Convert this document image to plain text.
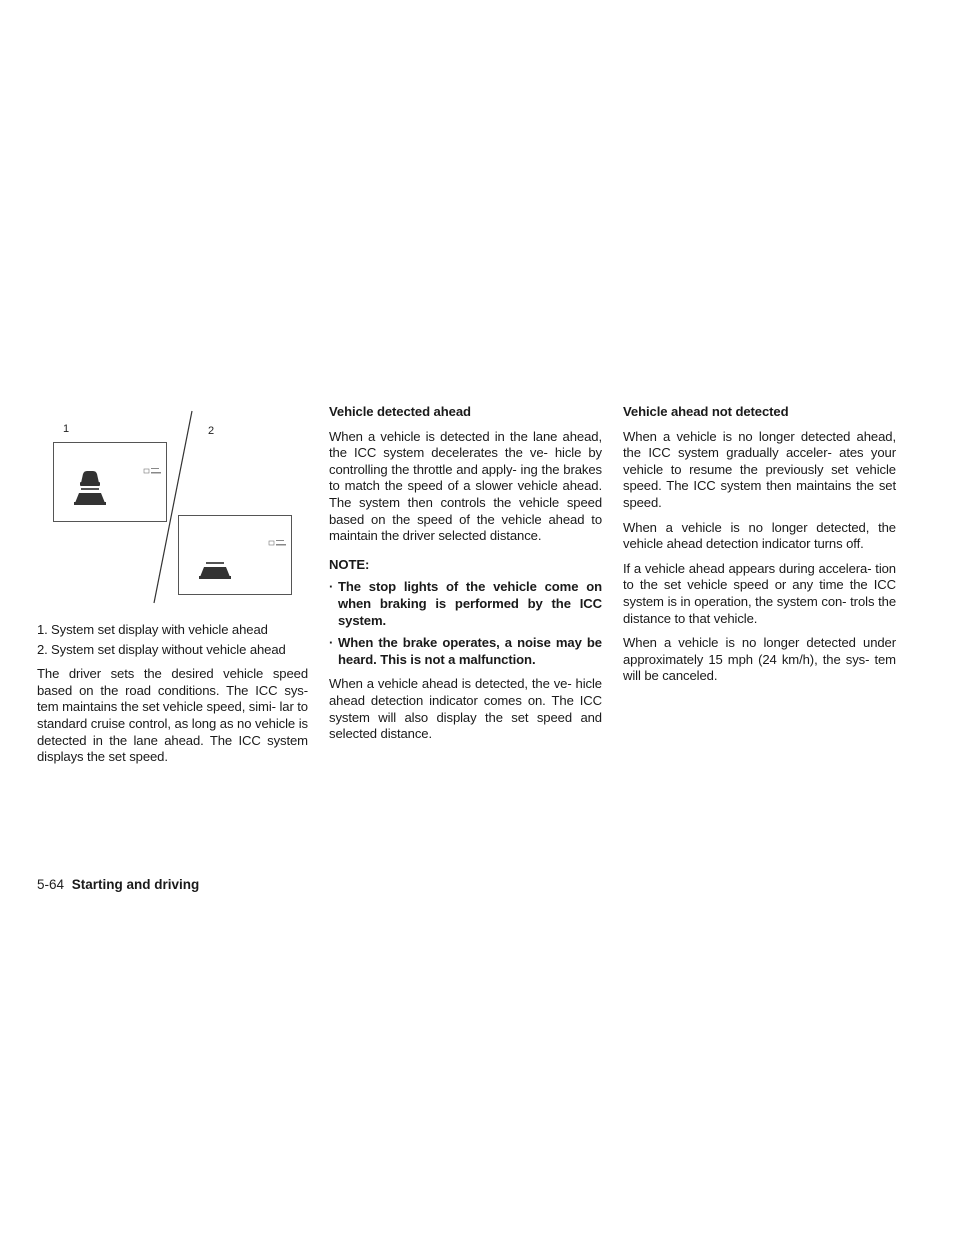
1	2
1. System set display with vehicle ahead
2. System set display without vehicle ahead

The driver sets the desired vehicle speed based on the road conditions. The ICC sys- tem maintains the set vehicle speed, simi- lar to standard cruise control, as long as no vehicle is detected in the lane ahead. The ICC system displays the set speed.

Vehicle detected ahead

When a vehicle is detected in the lane ahead, the ICC system decelerates the ve- hicle by controlling the throttle and apply- ing the brakes to match the speed of a slower vehicle ahead. The system then controls the vehicle speed based on the speed of the vehicle ahead to maintain the driver selected distance.

NOTE:
· The stop lights of the vehicle come on when braking is performed by the ICC system.
· When the brake operates, a noise may be heard. This is not a malfunction.

When a vehicle ahead is detected, the ve- hicle ahead detection indicator comes on. The ICC system will also display the set speed and selected distance.

Vehicle ahead not detected

When a vehicle is no longer detected ahead, the ICC system gradually acceler- ates your vehicle to resume the previously set vehicle speed. The ICC system then maintains the set speed.

When a vehicle is no longer detected, the vehicle ahead detection indicator turns off.

If a vehicle ahead appears during accelera- tion to the set vehicle speed or any time the ICC system is in operation, the system con- trols the distance to that vehicle.

When a vehicle is no longer detected under approximately 15 mph (24 km/h), the sys- tem will be canceled.

5-64 Starting and driving
